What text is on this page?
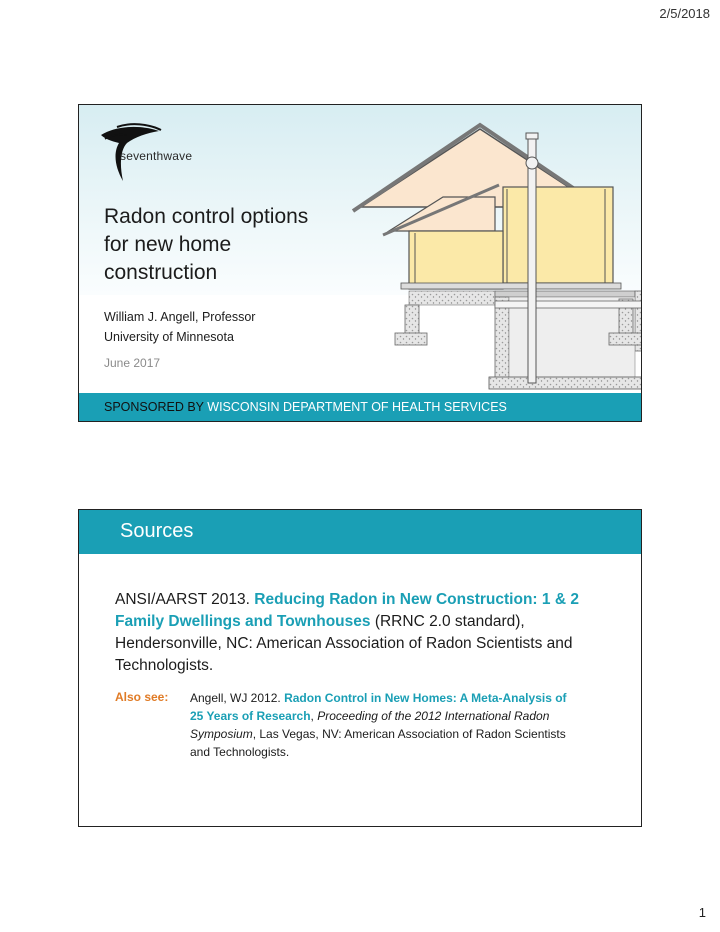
2/5/2018
seventhwave
Radon control options for new home construction
William J. Angell, Professor
University of Minnesota
June 2017
SPONSORED BY WISCONSIN DEPARTMENT OF HEALTH SERVICES
Sources
ANSI/AARST 2013. Reducing Radon in New Construction: 1 & 2 Family Dwellings and Townhouses (RRNC 2.0 standard), Hendersonville, NC: American Association of Radon Scientists and Technologists.
Also see: Angell, WJ 2012. Radon Control in New Homes: A Meta-Analysis of 25 Years of Research, Proceeding of the 2012 International Radon Symposium, Las Vegas, NV: American Association of Radon Scientists and Technologists.
1
